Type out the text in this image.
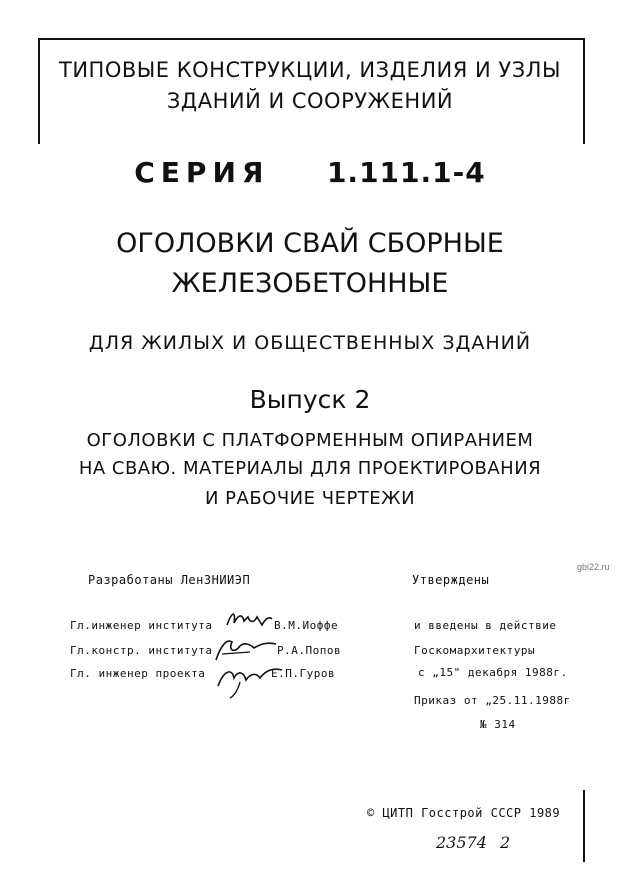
ТИПОВЫЕ КОНСТРУКЦИИ, ИЗДЕЛИЯ И УЗЛЫ
ЗДАНИЙ И СООРУЖЕНИЙ
СЕРИЯ 1.111.1-4
ОГОЛОВКИ СВАЙ СБОРНЫЕ
ЖЕЛЕЗОБЕТОННЫЕ
ДЛЯ ЖИЛЫХ И ОБЩЕСТВЕННЫХ ЗДАНИЙ
Выпуск 2
ОГОЛОВКИ С ПЛАТФОРМЕННЫМ ОПИРАНИЕМ
НА СВАЮ. МАТЕРИАЛЫ ДЛЯ ПРОЕКТИРОВАНИЯ
И РАБОЧИЕ ЧЕРТЕЖИ
gbi22.ru
Разработаны ЛенЗНИИЭП
Гл.инженер института	В.М.Иоффе
Гл.констр. института	Р.А.Попов
Гл. инженер проекта	Е.П.Гуров
Утверждены
и введены в действие
Госкомархитектуры
с „15" декабря 1988г.
Приказ от „25.11.1988г
№ 314
© ЦИТП Госстрой СССР 1989
23574 2
